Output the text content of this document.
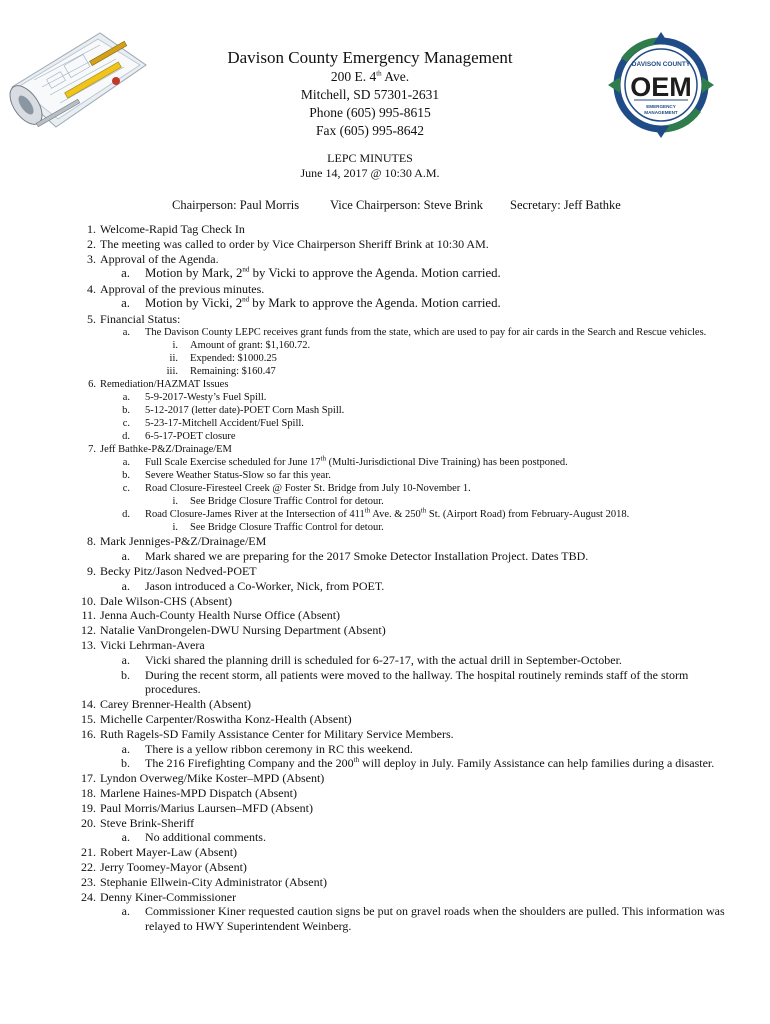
Davison County Emergency Management

200 E. 4th Ave.

Mitchell, SD 57301-2631

Phone (605) 995-8615

Fax (605) 995-8642

LEPC MINUTES

June 14, 2017 @ 10:30 A.M.

DAVISON COUNTY
OEM
EMERGENCY
MANAGEMENT
Chairperson: Paul Morris Vice Chairperson: Steve Brink Secretary: Jeff Bathke
1. Welcome-Rapid Tag Check In
2. The meeting was called to order by Vice Chairperson Sheriff Brink at 10:30 AM.
3. Approval of the Agenda.
a. Motion by Mark, 2nd by Vicki to approve the Agenda. Motion carried.
4. Approval of the previous minutes.
a. Motion by Vicki, 2nd by Mark to approve the Agenda. Motion carried.
5. Financial Status:
a. The Davison County LEPC receives grant funds from the state, which are used to pay for air cards in the Search and Rescue vehicles.
i. Amount of grant: $1,160.72.
ii. Expended: $1000.25
iii. Remaining: $160.47
6. Remediation/HAZMAT Issues
a. 5-9-2017-Westy’s Fuel Spill.
b. 5-12-2017 (letter date)-POET Corn Mash Spill.
c. 5-23-17-Mitchell Accident/Fuel Spill.
d. 6-5-17-POET closure
7. Jeff Bathke-P&Z/Drainage/EM
a. Full Scale Exercise scheduled for June 17th (Multi-Jurisdictional Dive Training) has been postponed.
b. Severe Weather Status-Slow so far this year.
c. Road Closure-Firesteel Creek @ Foster St. Bridge from July 10-November 1.
i. See Bridge Closure Traffic Control for detour.
d. Road Closure-James River at the Intersection of 411th Ave. & 250th St. (Airport Road) from February-August 2018.
i. See Bridge Closure Traffic Control for detour.
8. Mark Jenniges-P&Z/Drainage/EM
a. Mark shared we are preparing for the 2017 Smoke Detector Installation Project. Dates TBD.
9. Becky Pitz/Jason Nedved-POET
a. Jason introduced a Co-Worker, Nick, from POET.
10. Dale Wilson-CHS (Absent)
11. Jenna Auch-County Health Nurse Office (Absent)
12. Natalie VanDrongelen-DWU Nursing Department (Absent)
13. Vicki Lehrman-Avera
a. Vicki shared the planning drill is scheduled for 6-27-17, with the actual drill in September-October.
b. During the recent storm, all patients were moved to the hallway. The hospital routinely reminds staff of the storm procedures.
14. Carey Brenner-Health (Absent)
15. Michelle Carpenter/Roswitha Konz-Health (Absent)
16. Ruth Ragels-SD Family Assistance Center for Military Service Members.
a. There is a yellow ribbon ceremony in RC this weekend.
b. The 216 Firefighting Company and the 200th will deploy in July. Family Assistance can help families during a disaster.
17. Lyndon Overweg/Mike Koster–MPD (Absent)
18. Marlene Haines-MPD Dispatch (Absent)
19. Paul Morris/Marius Laursen–MFD (Absent)
20. Steve Brink-Sheriff
a. No additional comments.
21. Robert Mayer-Law (Absent)
22. Jerry Toomey-Mayor (Absent)
23. Stephanie Ellwein-City Administrator (Absent)
24. Denny Kiner-Commissioner
a. Commissioner Kiner requested caution signs be put on gravel roads when the shoulders are pulled. This information was relayed to HWY Superintendent Weinberg.
